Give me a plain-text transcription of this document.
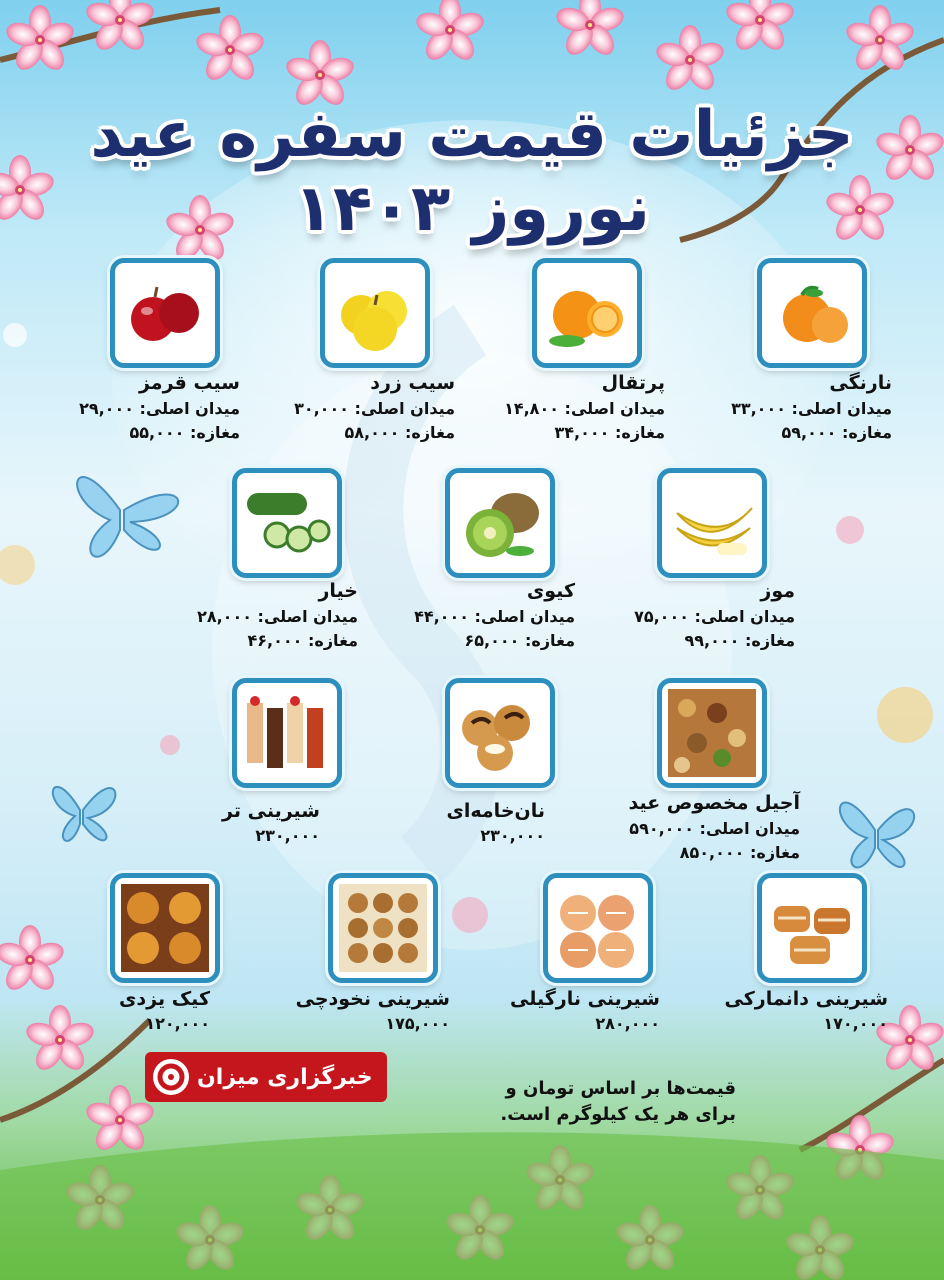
جزئیات قیمت سفره عید نوروز ۱۴۰۳
نارنگی
میدان اصلی: ۳۳,۰۰۰
مغازه: ۵۹,۰۰۰
پرتقال
میدان اصلی: ۱۴,۸۰۰
مغازه: ۳۴,۰۰۰
سیب زرد
میدان اصلی: ۳۰,۰۰۰
مغازه: ۵۸,۰۰۰
سیب قرمز
میدان اصلی: ۲۹,۰۰۰
مغازه: ۵۵,۰۰۰
موز
میدان اصلی: ۷۵,۰۰۰
مغازه: ۹۹,۰۰۰
کیوی
میدان اصلی: ۴۴,۰۰۰
مغازه: ۶۵,۰۰۰
خیار
میدان اصلی: ۲۸,۰۰۰
مغازه: ۴۶,۰۰۰
آجیل مخصوص عید
میدان اصلی: ۵۹۰,۰۰۰
مغازه: ۸۵۰,۰۰۰
نان‌خامه‌ای
۲۳۰,۰۰۰
شیرینی تر
۲۳۰,۰۰۰
شیرینی دانمارکی
۱۷۰,۰۰۰
شیرینی نارگیلی
۲۸۰,۰۰۰
شیرینی نخودچی
۱۷۵,۰۰۰
کیک یزدی
۱۲۰,۰۰۰
خبرگزاری میزان	قیمت‌ها بر اساس تومان و
برای هر یک کیلوگرم است.
